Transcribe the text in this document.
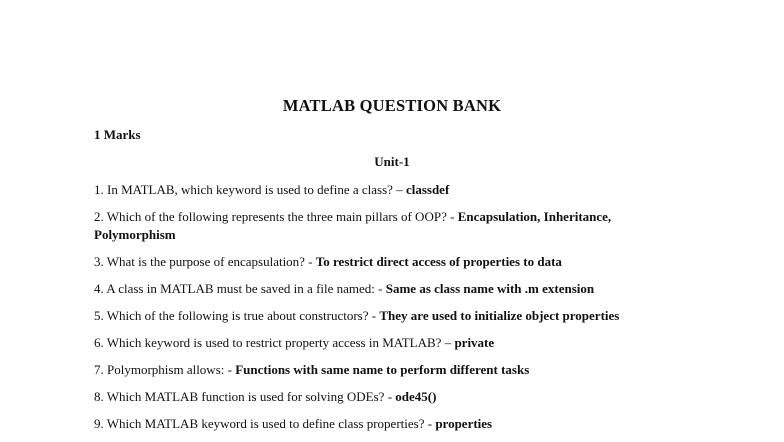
MATLAB QUESTION BANK
1 Marks
Unit-1
1. In MATLAB, which keyword is used to define a class? – classdef
2. Which of the following represents the three main pillars of OOP? - Encapsulation, Inheritance, Polymorphism
3. What is the purpose of encapsulation? - To restrict direct access of properties to data
4. A class in MATLAB must be saved in a file named: - Same as class name with .m extension
5. Which of the following is true about constructors? - They are used to initialize object properties
6. Which keyword is used to restrict property access in MATLAB? – private
7. Polymorphism allows: - Functions with same name to perform different tasks
8. Which MATLAB function is used for solving ODEs? - ode45()
9. Which MATLAB keyword is used to define class properties? - properties
